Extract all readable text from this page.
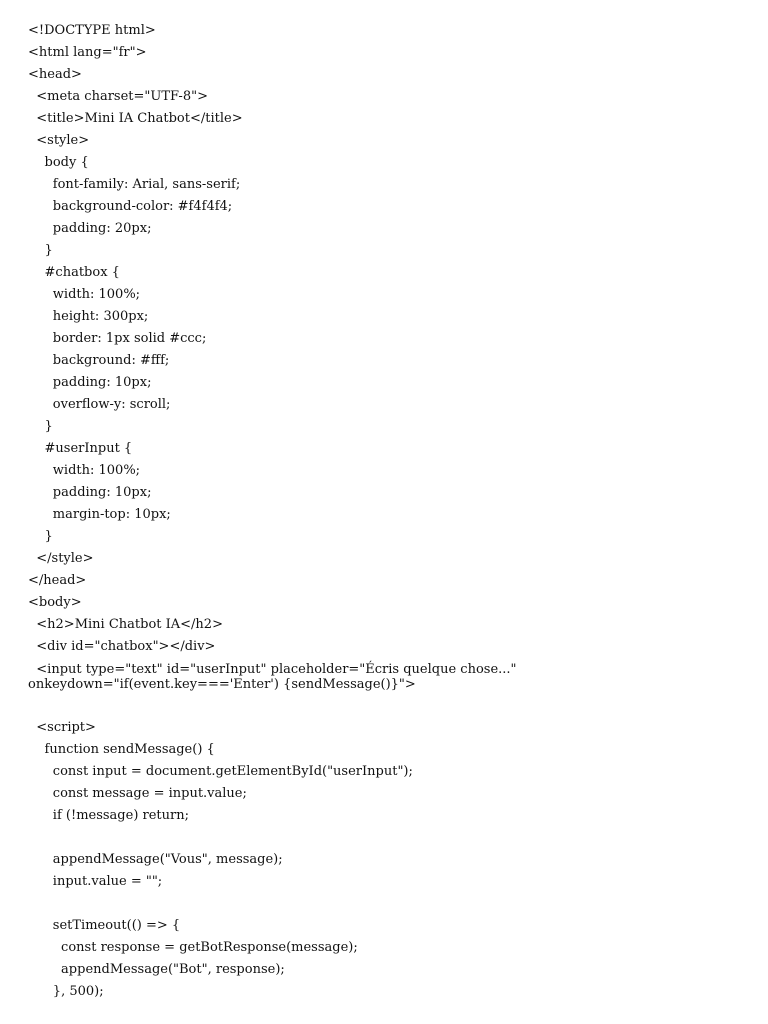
<!DOCTYPE html>
<html lang="fr">
<head>
<meta charset="UTF-8">
<title>Mini IA Chatbot</title>
<style>
body {
font-family: Arial, sans-serif;
background-color: #f4f4f4;
padding: 20px;
}
#chatbox {
width: 100%;
height: 300px;
border: 1px solid #ccc;
background: #fff;
padding: 10px;
overflow-y: scroll;
}
#userInput {
width: 100%;
padding: 10px;
margin-top: 10px;
}
</style>
</head>
<body>
<h2>Mini Chatbot IA</h2>
<div id="chatbox"></div>
<input type="text" id="userInput" placeholder="Écris quelque chose..." onkeydown="if(event.key==='Enter') {sendMessage()}">
<script>
function sendMessage() {
const input = document.getElementById("userInput");
const message = input.value;
if (!message) return;
appendMessage("Vous", message);
input.value = "";
setTimeout(() => {
const response = getBotResponse(message);
appendMessage("Bot", response);
}, 500);
